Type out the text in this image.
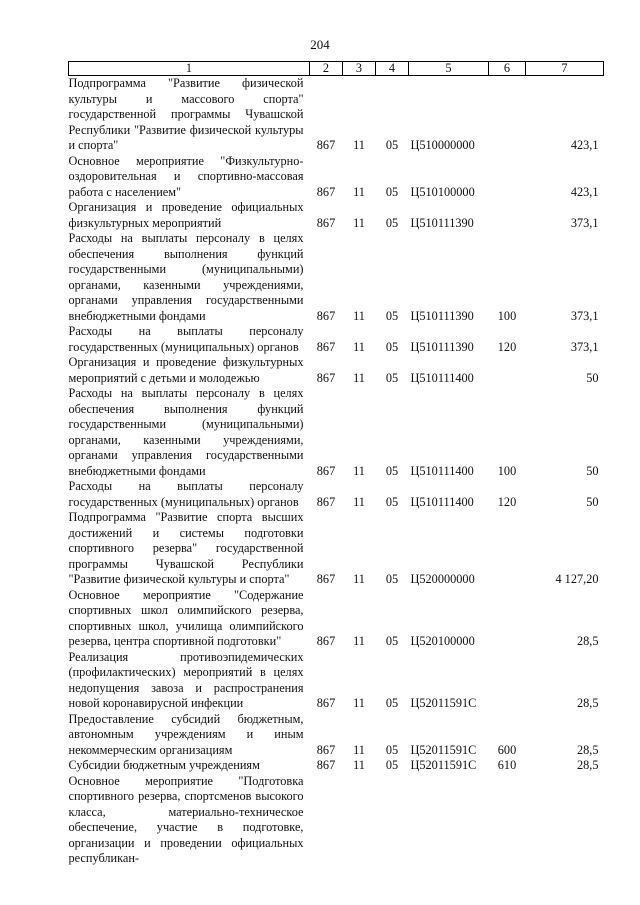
204
1	2	3	4	5	6	7
Подпрограмма "Развитие физической культуры и массового спорта" государственной программы Чувашской Республики "Развитие физической культуры и спорта"	867	11	05	Ц510000000		423,1
Основное мероприятие "Физкультурно-оздоровительная и спортивно-массовая работа с населением"	867	11	05	Ц510100000		423,1
Организация и проведение официальных физкультурных мероприятий	867	11	05	Ц510111390		373,1
Расходы на выплаты персоналу в целях обеспечения выполнения функций государственными (муниципальными) органами, казенными учреждениями, органами управления государственными внебюджетными фондами	867	11	05	Ц510111390	100	373,1
Расходы на выплаты персоналу государственных (муниципальных) органов	867	11	05	Ц510111390	120	373,1
Организация и проведение физкультурных мероприятий с детьми и молодежью	867	11	05	Ц510111400		50
Расходы на выплаты персоналу в целях обеспечения выполнения функций государственными (муниципальными) органами, казенными учреждениями, органами управления государственными внебюджетными фондами	867	11	05	Ц510111400	100	50
Расходы на выплаты персоналу государственных (муниципальных) органов	867	11	05	Ц510111400	120	50
Подпрограмма "Развитие спорта высших достижений и системы подготовки спортивного резерва" государственной программы Чувашской Республики "Развитие физической культуры и спорта"	867	11	05	Ц520000000		4 127,20
Основное мероприятие "Содержание спортивных школ олимпийского резерва, спортивных школ, училища олимпийского резерва, центра спортивной подготовки"	867	11	05	Ц520100000		28,5
Реализация противоэпидемических (профилактических) мероприятий в целях недопущения завоза и распространения новой коронавирусной инфекции	867	11	05	Ц52011591С		28,5
Предоставление субсидий бюджетным, автономным учреждениям и иным некоммерческим организациям	867	11	05	Ц52011591С	600	28,5
Субсидии бюджетным учреждениям	867	11	05	Ц52011591С	610	28,5
Основное мероприятие "Подготовка спортивного резерва, спортсменов высокого класса, материально-техническое обеспечение, участие в подготовке, организации и проведении официальных республикан-						
